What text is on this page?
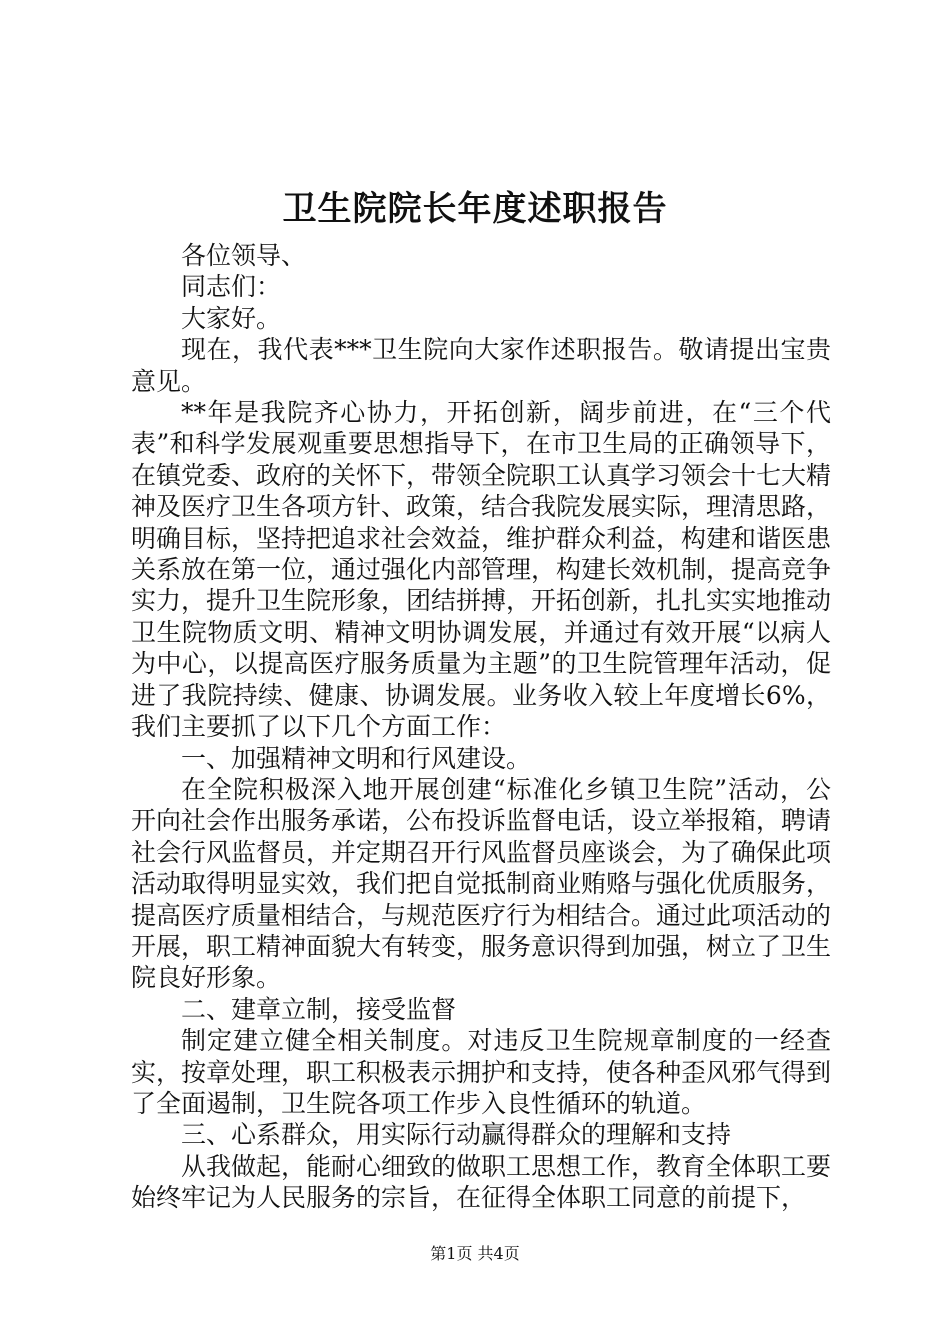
卫生院院长年度述职报告

各位领导、

同志们：

大家好。

现在，我代表***卫生院向大家作述职报告。敬请提出宝贵意见。

**年是我院齐心协力，开拓创新，阔步前进，在“三个代表”和科学发展观重要思想指导下，在市卫生局的正确领导下，在镇党委、政府的关怀下，带领全院职工认真学习领会十七大精神及医疗卫生各项方针、政策，结合我院发展实际，理清思路，明确目标，坚持把追求社会效益，维护群众利益，构建和谐医患关系放在第一位，通过强化内部管理，构建长效机制，提高竞争实力，提升卫生院形象，团结拼搏，开拓创新，扎扎实实地推动卫生院物质文明、精神文明协调发展，并通过有效开展“以病人为中心，以提高医疗服务质量为主题”的卫生院管理年活动，促进了我院持续、健康、协调发展。业务收入较上年度增长6%，我们主要抓了以下几个方面工作：

一、加强精神文明和行风建设。

在全院积极深入地开展创建“标准化乡镇卫生院”活动，公开向社会作出服务承诺，公布投诉监督电话，设立举报箱，聘请社会行风监督员，并定期召开行风监督员座谈会，为了确保此项活动取得明显实效，我们把自觉抵制商业贿赂与强化优质服务，提高医疗质量相结合，与规范医疗行为相结合。通过此项活动的开展，职工精神面貌大有转变，服务意识得到加强，树立了卫生院良好形象。

二、建章立制，接受监督

制定建立健全相关制度。对违反卫生院规章制度的一经查实，按章处理，职工积极表示拥护和支持，使各种歪风邪气得到了全面遏制，卫生院各项工作步入良性循环的轨道。

三、心系群众，用实际行动赢得群众的理解和支持

从我做起，能耐心细致的做职工思想工作，教育全体职工要始终牢记为人民服务的宗旨，在征得全体职工同意的前提下，

第1页 共4页
